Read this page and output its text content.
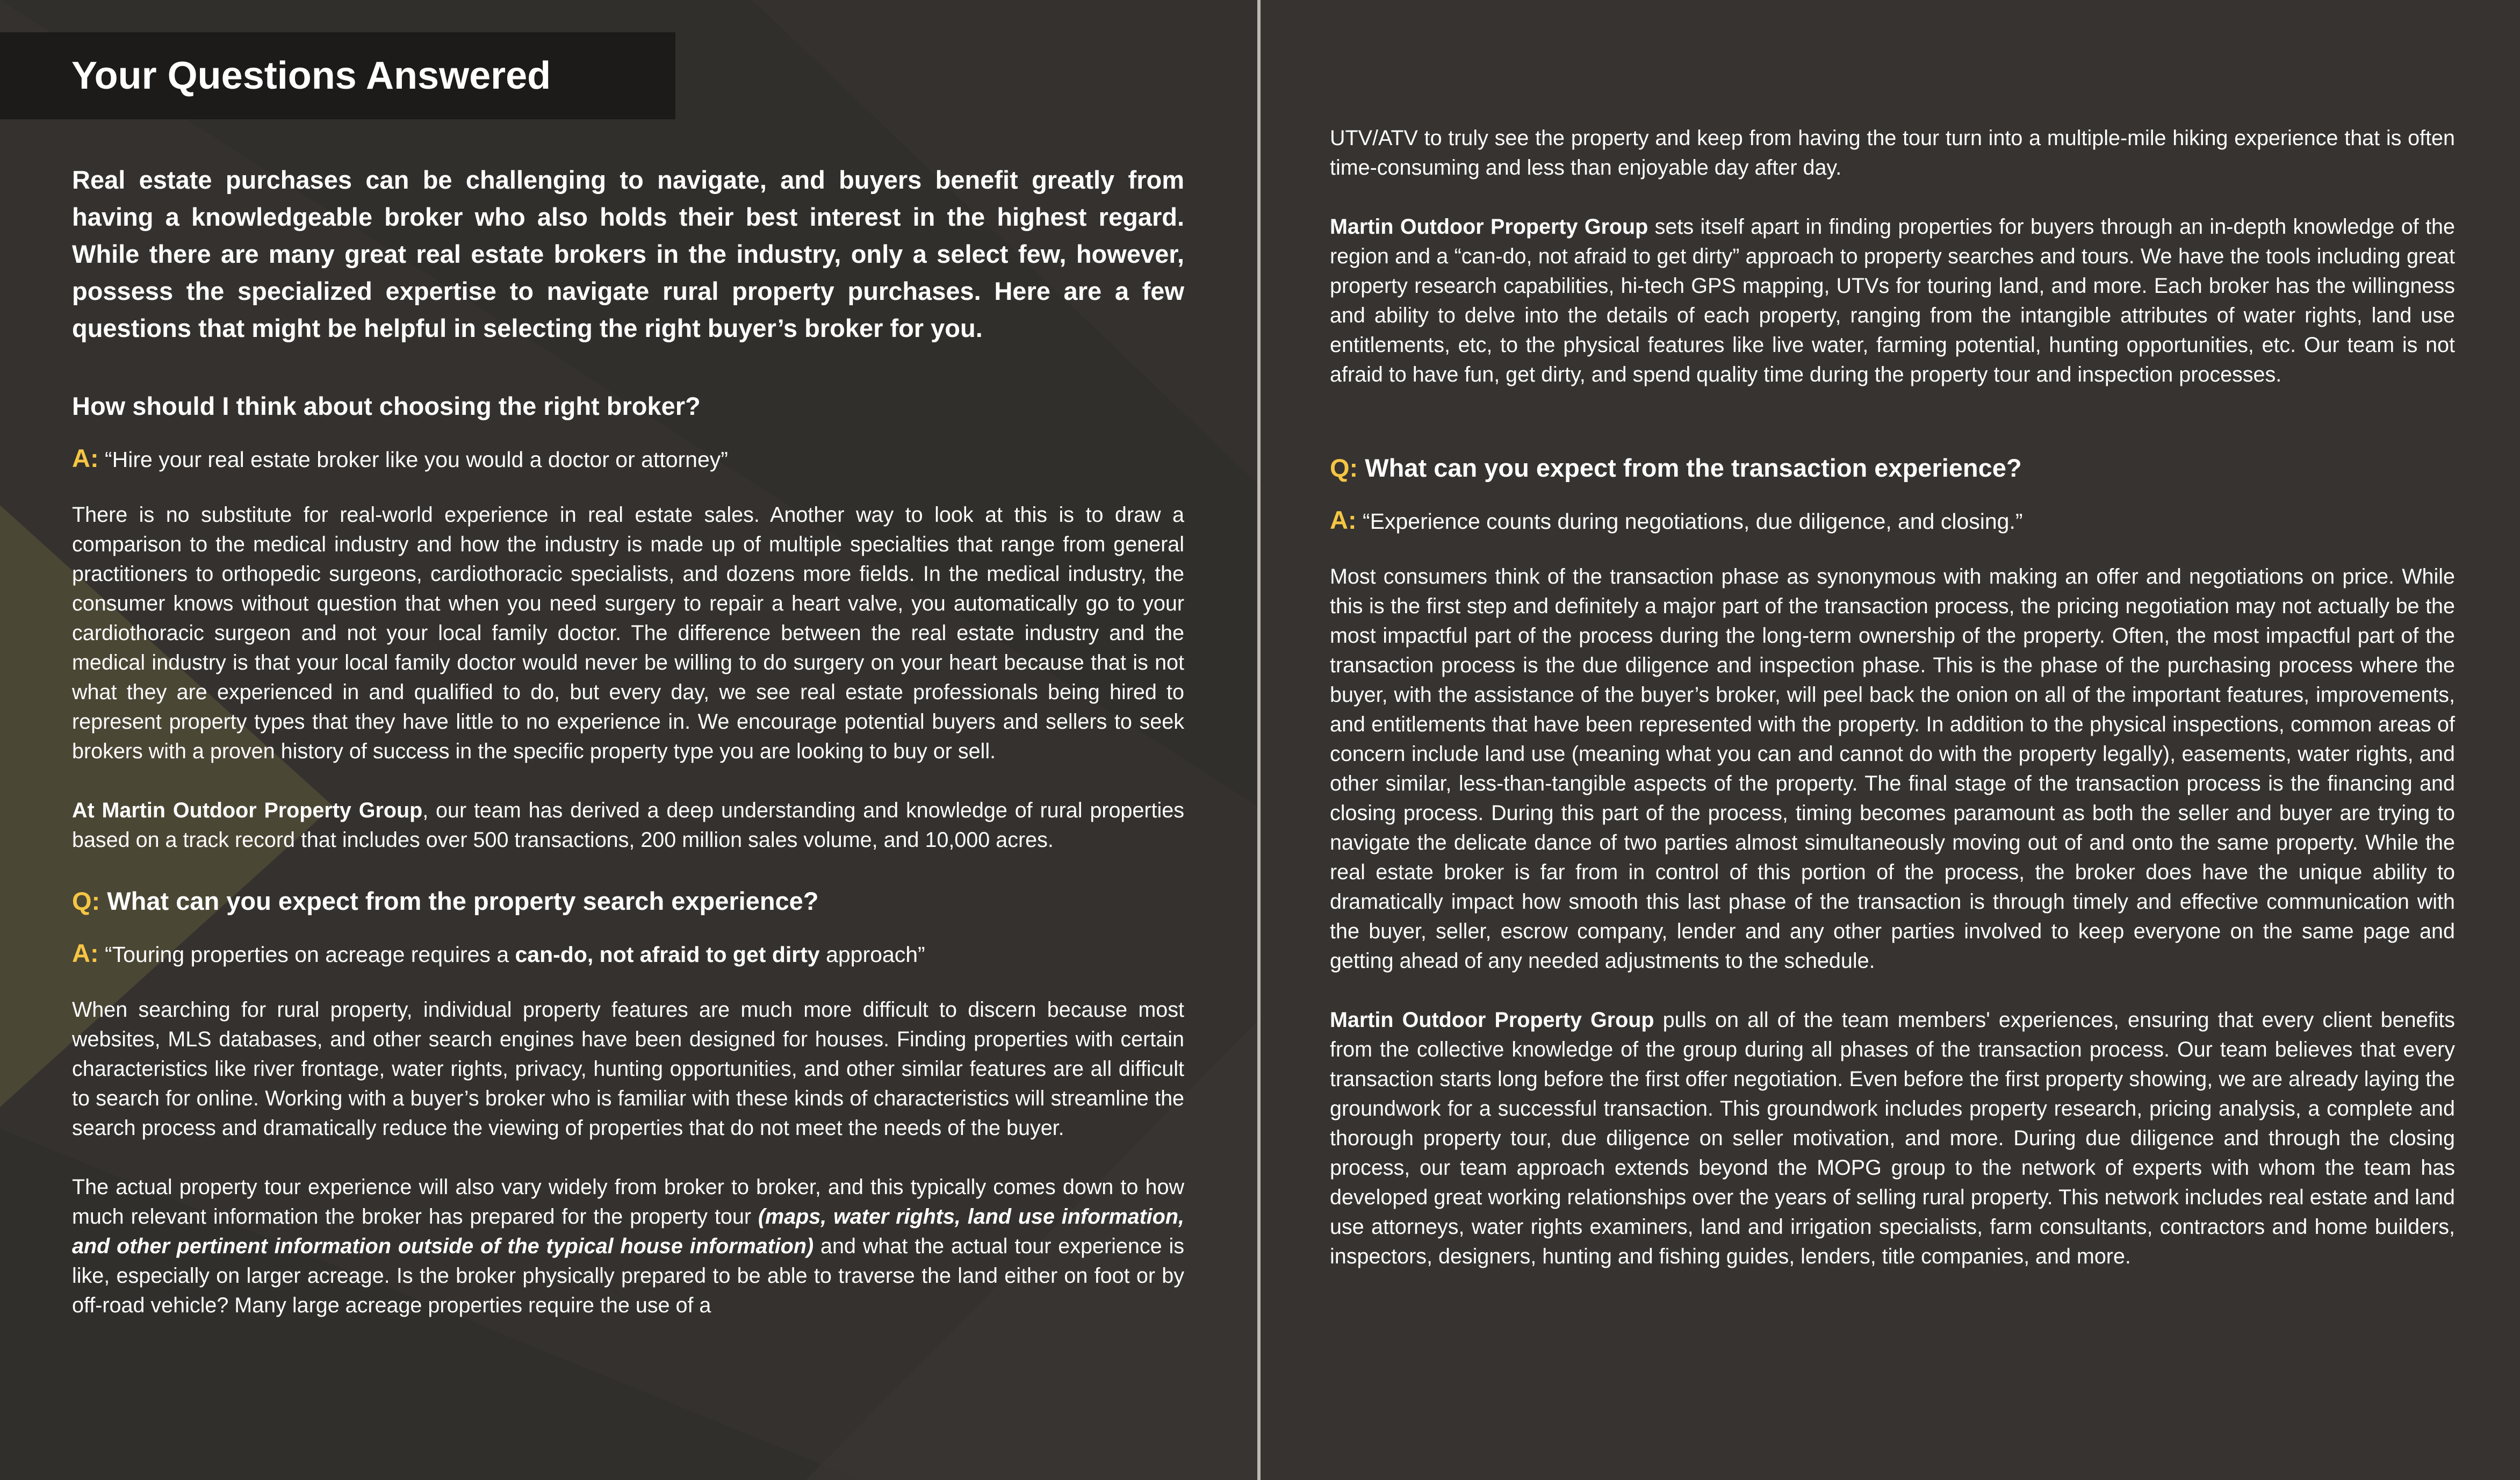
Your Questions Answered

Real estate purchases can be challenging to navigate, and buyers benefit greatly from having a knowledgeable broker who also holds their best interest in the highest regard. While there are many great real estate brokers in the industry, only a select few, however, possess the specialized expertise to navigate rural property purchases. Here are a few questions that might be helpful in selecting the right buyer’s broker for you.

How should I think about choosing the right broker?

A: “Hire your real estate broker like you would a doctor or attorney”

There is no substitute for real-world experience in real estate sales. Another way to look at this is to draw a comparison to the medical industry and how the industry is made up of multiple specialties that range from general practitioners to orthopedic surgeons, cardiothoracic specialists, and dozens more fields. In the medical industry, the consumer knows without question that when you need surgery to repair a heart valve, you automatically go to your cardiothoracic surgeon and not your local family doctor. The difference between the real estate industry and the medical industry is that your local family doctor would never be willing to do surgery on your heart because that is not what they are experienced in and qualified to do, but every day, we see real estate professionals being hired to represent property types that they have little to no experience in. We encourage potential buyers and sellers to seek brokers with a proven history of success in the specific property type you are looking to buy or sell.

At Martin Outdoor Property Group, our team has derived a deep understanding and knowledge of rural properties based on a track record that includes over 500 transactions, 200 million sales volume, and 10,000 acres.

Q: What can you expect from the property search experience?

A: “Touring properties on acreage requires a can-do, not afraid to get dirty approach”

When searching for rural property, individual property features are much more difficult to discern because most websites, MLS databases, and other search engines have been designed for houses. Finding properties with certain characteristics like river frontage, water rights, privacy, hunting opportunities, and other similar features are all difficult to search for online. Working with a buyer’s broker who is familiar with these kinds of characteristics will streamline the search process and dramatically reduce the viewing of properties that do not meet the needs of the buyer.

The actual property tour experience will also vary widely from broker to broker, and this typically comes down to how much relevant information the broker has prepared for the property tour (maps, water rights, land use information, and other pertinent information outside of the typical house information) and what the actual tour experience is like, especially on larger acreage. Is the broker physically prepared to be able to traverse the land either on foot or by off-road vehicle? Many large acreage properties require the use of a

UTV/ATV to truly see the property and keep from having the tour turn into a multiple-mile hiking experience that is often time-consuming and less than enjoyable day after day.

Martin Outdoor Property Group sets itself apart in finding properties for buyers through an in-depth knowledge of the region and a “can-do, not afraid to get dirty” approach to property searches and tours. We have the tools including great property research capabilities, hi-tech GPS mapping, UTVs for touring land, and more. Each broker has the willingness and ability to delve into the details of each property, ranging from the intangible attributes of water rights, land use entitlements, etc, to the physical features like live water, farming potential, hunting opportunities, etc. Our team is not afraid to have fun, get dirty, and spend quality time during the property tour and inspection processes.

Q: What can you expect from the transaction experience?

A: “Experience counts during negotiations, due diligence, and closing.”

Most consumers think of the transaction phase as synonymous with making an offer and negotiations on price. While this is the first step and definitely a major part of the transaction process, the pricing negotiation may not actually be the most impactful part of the process during the long-term ownership of the property. Often, the most impactful part of the transaction process is the due diligence and inspection phase. This is the phase of the purchasing process where the buyer, with the assistance of the buyer’s broker, will peel back the onion on all of the important features, improvements, and entitlements that have been represented with the property. In addition to the physical inspections, common areas of concern include land use (meaning what you can and cannot do with the property legally), easements, water rights, and other similar, less-than-tangible aspects of the property. The final stage of the transaction process is the financing and closing process. During this part of the process, timing becomes paramount as both the seller and buyer are trying to navigate the delicate dance of two parties almost simultaneously moving out of and onto the same property. While the real estate broker is far from in control of this portion of the process, the broker does have the unique ability to dramatically impact how smooth this last phase of the transaction is through timely and effective communication with the buyer, seller, escrow company, lender and any other parties involved to keep everyone on the same page and getting ahead of any needed adjustments to the schedule.

Martin Outdoor Property Group pulls on all of the team members' experiences, ensuring that every client benefits from the collective knowledge of the group during all phases of the transaction process. Our team believes that every transaction starts long before the first offer negotiation. Even before the first property showing, we are already laying the groundwork for a successful transaction. This groundwork includes property research, pricing analysis, a complete and thorough property tour, due diligence on seller motivation, and more. During due diligence and through the closing process, our team approach extends beyond the MOPG group to the network of experts with whom the team has developed great working relationships over the years of selling rural property. This network includes real estate and land use attorneys, water rights examiners, land and irrigation specialists, farm consultants, contractors and home builders, inspectors, designers, hunting and fishing guides, lenders, title companies, and more.
